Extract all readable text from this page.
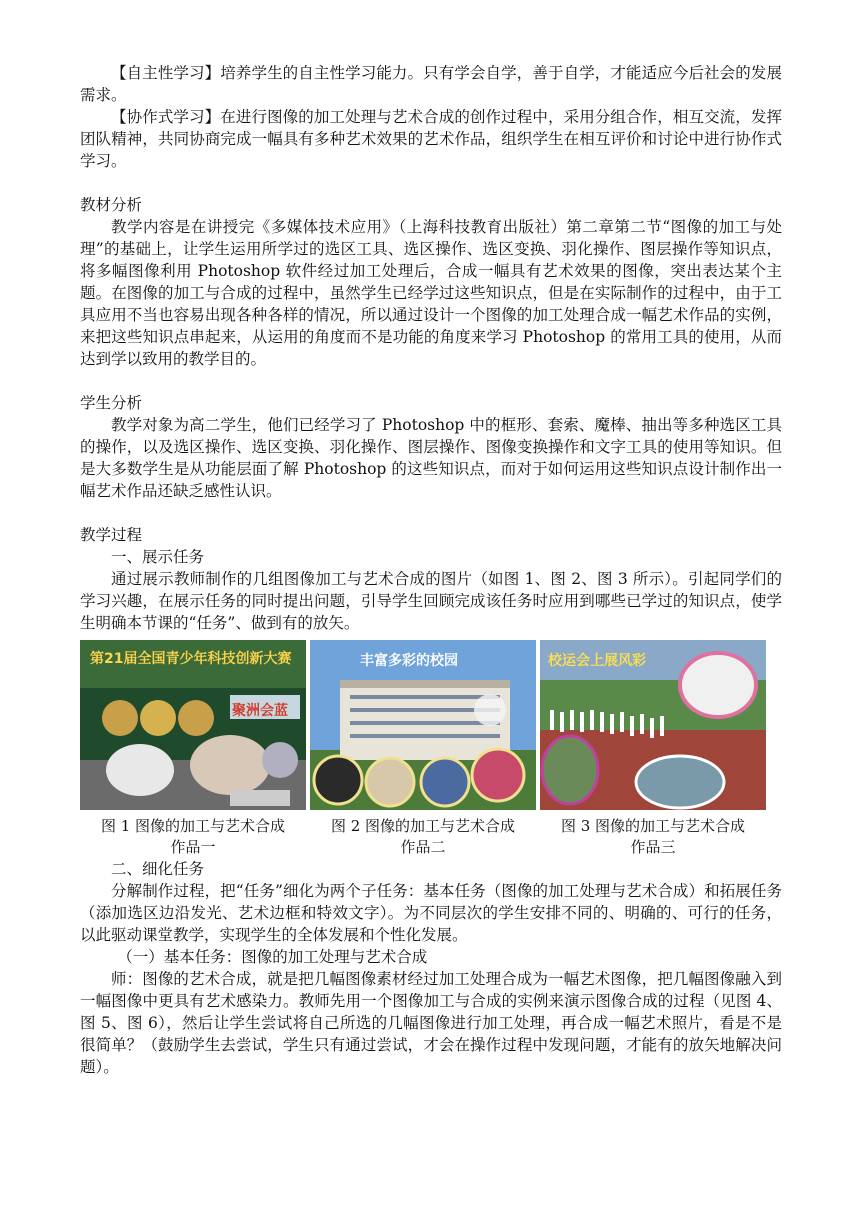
【自主性学习】培养学生的自主性学习能力。只有学会自学，善于自学，才能适应今后社会的发展需求。

【协作式学习】在进行图像的加工处理与艺术合成的创作过程中，采用分组合作，相互交流，发挥团队精神，共同协商完成一幅具有多种艺术效果的艺术作品，组织学生在相互评价和讨论中进行协作式学习。

教材分析

教学内容是在讲授完《多媒体技术应用》（上海科技教育出版社）第二章第二节“图像的加工与处理”的基础上，让学生运用所学过的选区工具、选区操作、选区变换、羽化操作、图层操作等知识点，将多幅图像利用 Photoshop 软件经过加工处理后，合成一幅具有艺术效果的图像，突出表达某个主题。在图像的加工与合成的过程中，虽然学生已经学过这些知识点，但是在实际制作的过程中，由于工具应用不当也容易出现各种各样的情况，所以通过设计一个图像的加工处理合成一幅艺术作品的实例，来把这些知识点串起来，从运用的角度而不是功能的角度来学习 Photoshop 的常用工具的使用，从而达到学以致用的教学目的。

学生分析

教学对象为高二学生，他们已经学习了 Photoshop 中的框形、套索、魔棒、抽出等多种选区工具的操作，以及选区操作、选区变换、羽化操作、图层操作、图像变换操作和文字工具的使用等知识。但是大多数学生是从功能层面了解 Photoshop 的这些知识点，而对于如何运用这些知识点设计制作出一幅艺术作品还缺乏感性认识。

教学过程

一、展示任务

通过展示教师制作的几组图像加工与艺术合成的图片（如图 1、图 2、图 3 所示）。引起同学们的学习兴趣，在展示任务的同时提出问题，引导学生回顾完成该任务时应用到哪些已学过的知识点，使学生明确本节课的“任务”、做到有的放矢。

第21届全国青少年科技创新大赛
聚洲会蓝

图 1 图像的加工与艺术合成

作品一

丰富多彩的校园

图 2 图像的加工与艺术合成

作品二

校运会上展风彩

图 3 图像的加工与艺术合成

作品三

二、细化任务

分解制作过程，把“任务”细化为两个子任务：基本任务（图像的加工处理与艺术合成）和拓展任务（添加选区边沿发光、艺术边框和特效文字）。为不同层次的学生安排不同的、明确的、可行的任务，以此驱动课堂教学，实现学生的全体发展和个性化发展。

（一）基本任务：图像的加工处理与艺术合成

师：图像的艺术合成，就是把几幅图像素材经过加工处理合成为一幅艺术图像，把几幅图像融入到一幅图像中更具有艺术感染力。教师先用一个图像加工与合成的实例来演示图像合成的过程（见图 4、图 5、图 6），然后让学生尝试将自己所选的几幅图像进行加工处理，再合成一幅艺术照片，看是不是很简单？（鼓励学生去尝试，学生只有通过尝试，才会在操作过程中发现问题，才能有的放矢地解决问题）。
